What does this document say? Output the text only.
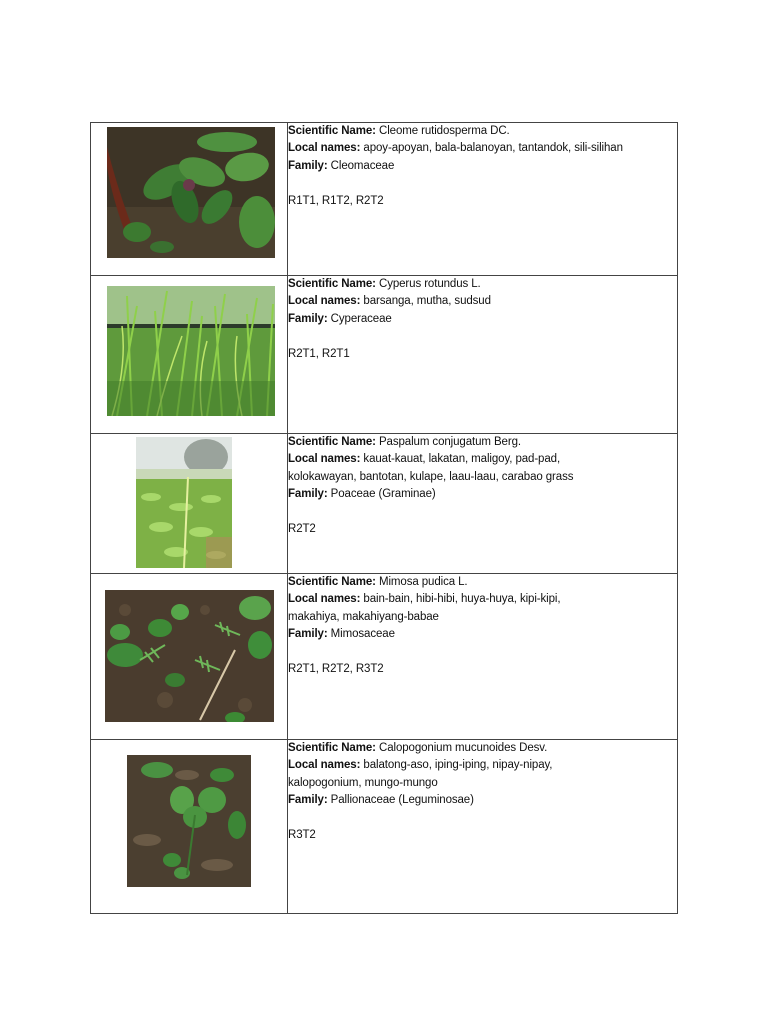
Scientific Name: Cleome rutidosperma DC.
Local names: apoy-apoyan, bala-balanoyan, tantandok, sili-silihan
Family: Cleomaceae
R1T1, R1T2, R2T2

Scientific Name: Cyperus rotundus L.
Local names: barsanga, mutha, sudsud
Family: Cyperaceae
R2T1, R2T1

Scientific Name: Paspalum conjugatum Berg.
Local names: kauat-kauat, lakatan, maligoy, pad-pad,
kolokawayan, bantotan, kulape, laau-laau, carabao grass
Family: Poaceae (Graminae)
R2T2

Scientific Name: Mimosa pudica L.
Local names: bain-bain, hibi-hibi, huya-huya, kipi-kipi,
makahiya, makahiyang-babae
Family: Mimosaceae
R2T1, R2T2, R3T2

Scientific Name: Calopogonium mucunoides Desv.
Local names: balatong-aso, iping-iping, nipay-nipay,
kalopogonium, mungo-mungo
Family: Pallionaceae (Leguminosae)
R3T2
